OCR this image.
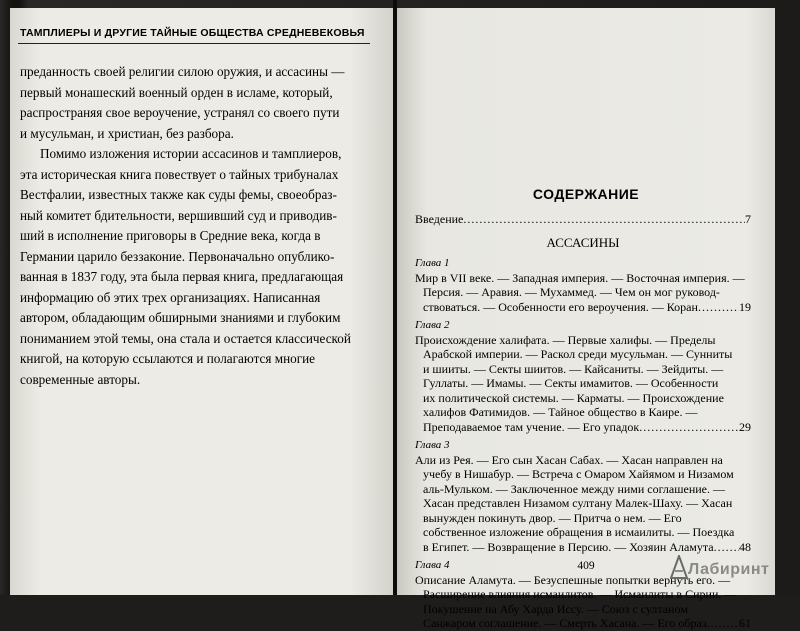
ТАМПЛИЕРЫ И ДРУГИЕ ТАЙНЫЕ ОБЩЕСТВА СРЕДНЕВЕКОВЬЯ
преданность своей религии силою оружия, и ассасины —
первый монашеский военный орден в исламе, который,
распространяя свое вероучение, устранял со своего пути
и мусульман, и христиан, без разбора.
Помимо изложения истории ассасинов и тамплиеров,
эта историческая книга повествует о тайных трибуналах
Вестфалии, известных также как суды фемы, своеобраз-
ный комитет бдительности, вершивший суд и приводив-
ший в исполнение приговоры в Средние века, когда в
Германии царило беззаконие. Первоначально опублико-
ванная в 1837 году, эта была первая книга, предлагающая
информацию об этих трех организациях. Написанная
автором, обладающим обширными знаниями и глубоким
пониманием этой темы, она стала и остается классической
книгой, на которую ссылаются и полагаются многие
современные авторы.
СОДЕРЖАНИЕ
Введение .....	7
АССАСИНЫ
Глава 1
Мир в VII веке. — Западная империя. — Восточная империя. —
Персия. — Аравия. — Мухаммед. — Чем он мог руковод-
ствоваться. — Особенности его вероучения. — Коран .....	19
Глава 2
Происхождение халифата. — Первые халифы. — Пределы
Арабской империи. — Раскол среди мусульман. — Сунниты
и шииты. — Секты шиитов. — Кайсаниты. — Зейдиты. —
Гуллаты. — Имамы. — Секты имамитов. — Особенности
их политической системы. — Карматы. — Происхождение
халифов Фатимидов. — Тайное общество в Каире. —
Преподаваемое там учение. — Его упадок .....	29
Глава 3
Али из Рея. — Его сын Хасан Сабах. — Хасан направлен на
учебу в Нишабур. — Встреча с Омаром Хайямом и Низамом
аль-Мульком. — Заключенное между ними соглашение. —
Хасан представлен Низамом султану Малек-Шаху. — Хасан
вынужден покинуть двор. — Притча о нем. — Его
собственное изложение обращения в исмаилиты. — Поездка
в Египет. — Возвращение в Персию. — Хозяин Аламута ..... 48
Глава 4
Описание Аламута. — Безуспешные попытки вернуть его. —
Расширение влияния исмаилитов. — Исмаилиты в Сирии. —
Покушение на Абу Харда Иссу. — Союз с султаном
Санжаром соглашение. — Смерть Хасана. — Его образ .....	61
409	Лабиринт
